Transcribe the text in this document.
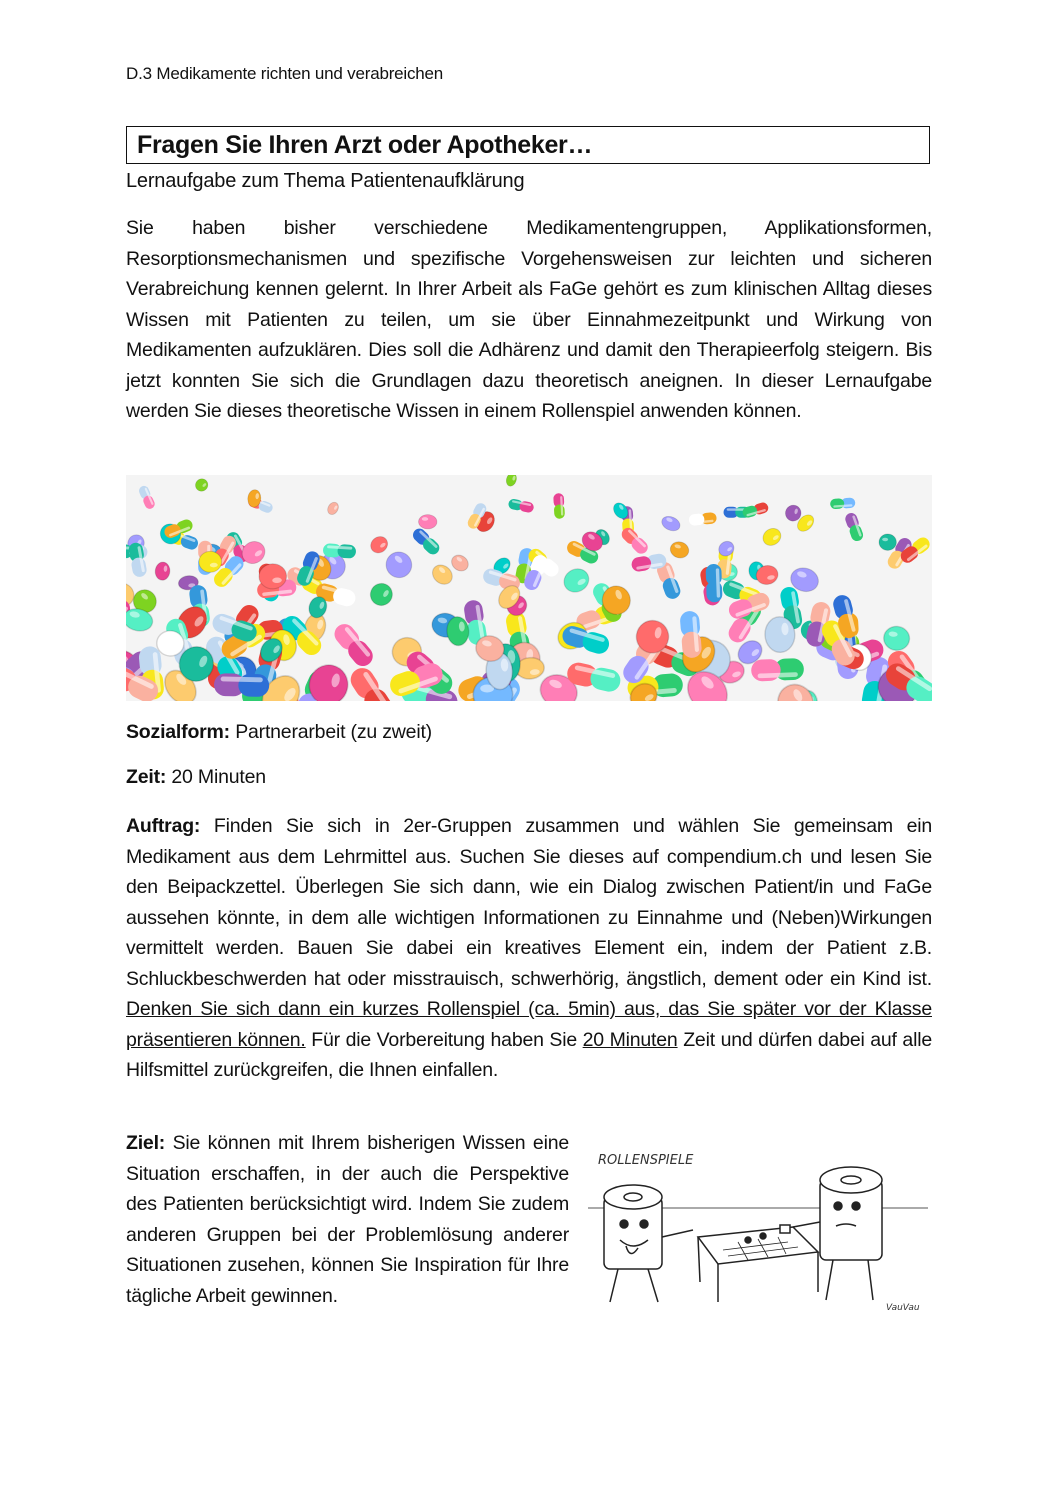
D.3 Medikamente richten und verabreichen
Fragen Sie Ihren Arzt oder Apotheker…
Lernaufgabe zum Thema Patientenaufklärung
Sie haben bisher verschiedene Medikamentengruppen, Applikationsformen, Resorptionsmechanismen und spezifische Vorgehensweisen zur leichten und sicheren Verabreichung kennen gelernt. In Ihrer Arbeit als FaGe gehört es zum klinischen Alltag dieses Wissen mit Patienten zu teilen, um sie über Einnahmezeitpunkt und Wirkung von Medikamenten aufzuklären. Dies soll die Adhärenz und damit den Therapieerfolg steigern. Bis jetzt konnten Sie sich die Grundlagen dazu theoretisch aneignen. In dieser Lernaufgabe werden Sie dieses theoretische Wissen in einem Rollenspiel anwenden können.
Sozialform: Partnerarbeit (zu zweit)
Zeit: 20 Minuten
Auftrag: Finden Sie sich in 2er-Gruppen zusammen und wählen Sie gemeinsam ein Medikament aus dem Lehrmittel aus. Suchen Sie dieses auf compendium.ch und lesen Sie den Beipackzettel. Überlegen Sie sich dann, wie ein Dialog zwischen Patient/in und FaGe aussehen könnte, in dem alle wichtigen Informationen zu Einnahme und (Neben)Wirkungen vermittelt werden. Bauen Sie dabei ein kreatives Element ein, indem der Patient z.B. Schluckbeschwerden hat oder misstrauisch, schwerhörig, ängstlich, dement oder ein Kind ist. Denken Sie sich dann ein kurzes Rollenspiel (ca. 5min) aus, das Sie später vor der Klasse präsentieren können. Für die Vorbereitung haben Sie 20 Minuten Zeit und dürfen dabei auf alle Hilfsmittel zurückgreifen, die Ihnen einfallen.
Ziel: Sie können mit Ihrem bisherigen Wissen eine Situation erschaffen, in der auch die Perspektive des Patienten berücksichtigt wird. Indem Sie zudem anderen Gruppen bei der Problemlösung anderer Situationen zusehen, können Sie Inspiration für Ihre tägliche Arbeit gewinnen.
ROLLENSPIELE
VauVau
